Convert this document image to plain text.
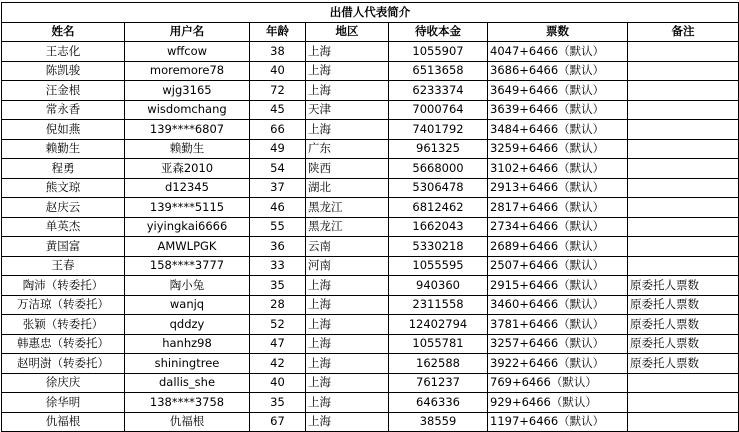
出借人代表简介						
姓名	用户名	年龄	地区	待收本金	票数	备注
王志化	wffcow	38	上海	1055907	4047+6466（默认）	
陈凯骏	moremore78	40	上海	6513658	3686+6466（默认）	
汪金根	wjg3165	72	上海	6233374	3649+6466（默认）	
常永香	wisdomchang	45	天津	7000764	3639+6466（默认）	
倪如燕	139****6807	66	上海	7401792	3484+6466（默认）	
赖勤生	赖勤生	49	广东	961325	3259+6466（默认）	
程勇	亚森2010	54	陕西	5668000	3102+6466（默认）	
熊文琼	d12345	37	湖北	5306478	2913+6466（默认）	
赵庆云	139****5115	46	黑龙江	6812462	2817+6466（默认）	
单英杰	yiyingkai6666	55	黑龙江	1662043	2734+6466（默认）	
黄国富	AMWLPGK	36	云南	5330218	2689+6466（默认）	
王春	158****3777	33	河南	1055595	2507+6466（默认）	
陶沛（转委托）	陶小兔	35	上海	940360	2915+6466（默认）	原委托人票数
万洁琼（转委托）	wanjq	28	上海	2311558	3460+6466（默认）	原委托人票数
张颖（转委托）	qddzy	52	上海	12402794	3781+6466（默认）	原委托人票数
韩惠忠（转委托）	hanhz98	47	上海	1055781	3257+6466（默认）	原委托人票数
赵明澍（转委托）	shiningtree	42	上海	162588	3922+6466（默认）	原委托人票数
徐庆庆	dallis_she	40	上海	761237	769+6466（默认）	
徐华明	138****3758	35	上海	646336	929+6466（默认）	
仇福根	仇福根	67	上海	38559	1197+6466（默认）	
